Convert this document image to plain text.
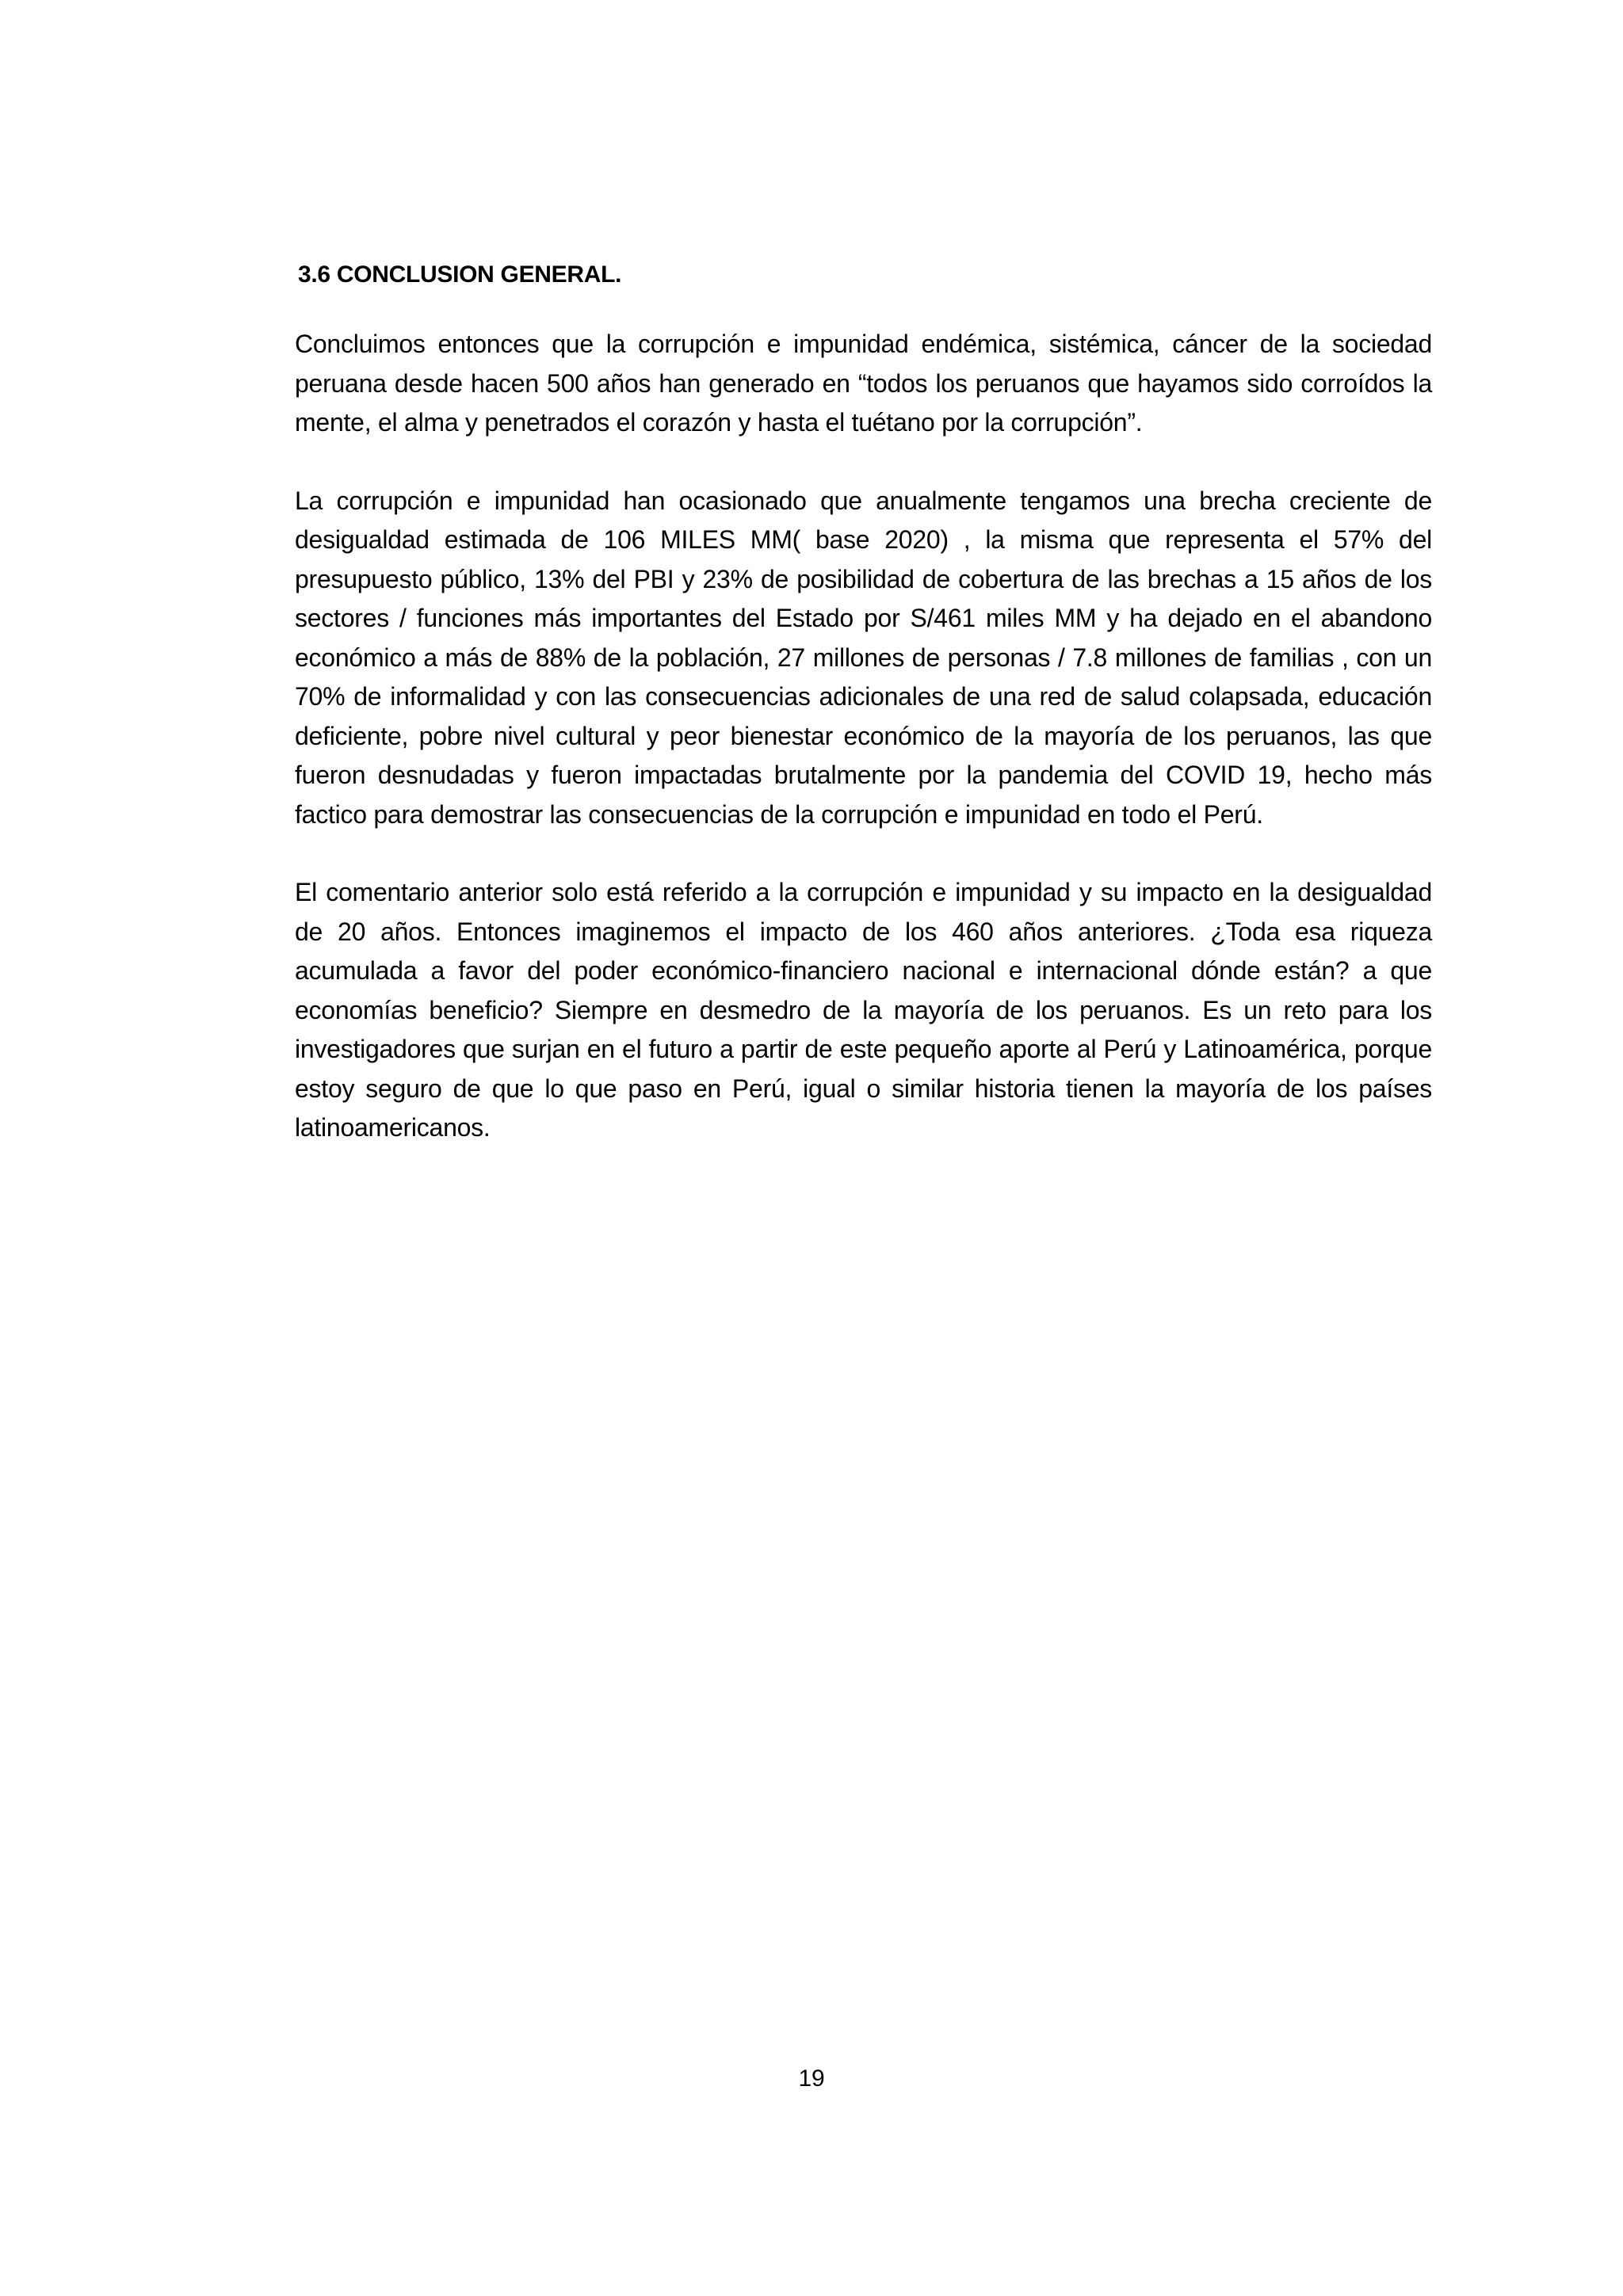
3.6 CONCLUSION GENERAL.

Concluimos entonces que la corrupción e impunidad endémica, sistémica, cáncer de la sociedad peruana desde hacen 500 años han generado en “todos los peruanos que hayamos sido corroídos la mente, el alma y penetrados el corazón y hasta el tuétano por la corrupción”.

La corrupción e impunidad han ocasionado que anualmente tengamos una brecha creciente de desigualdad estimada de 106 MILES MM( base 2020) , la misma que representa el 57% del presupuesto público, 13% del PBI y 23% de posibilidad de cobertura de las brechas a 15 años de los sectores / funciones más importantes del Estado por S/461 miles MM y ha dejado en el abandono económico a más de 88% de la población, 27 millones de personas / 7.8 millones de familias , con un 70% de informalidad y con las consecuencias adicionales de una red de salud colapsada, educación deficiente, pobre nivel cultural y peor bienestar económico de la mayoría de los peruanos, las que fueron desnudadas y fueron impactadas brutalmente por la pandemia del COVID 19, hecho más factico para demostrar las consecuencias de la corrupción e impunidad en todo el Perú.

El comentario anterior solo está referido a la corrupción e impunidad y su impacto en la desigualdad de 20 años. Entonces imaginemos el impacto de los 460 años anteriores. ¿Toda esa riqueza acumulada a favor del poder económico-financiero nacional e internacional dónde están? a que economías beneficio? Siempre en desmedro de la mayoría de los peruanos. Es un reto para los investigadores que surjan en el futuro a partir de este pequeño aporte al Perú y Latinoamérica, porque estoy seguro de que lo que paso en Perú, igual o similar historia tienen la mayoría de los países latinoamericanos.

19
